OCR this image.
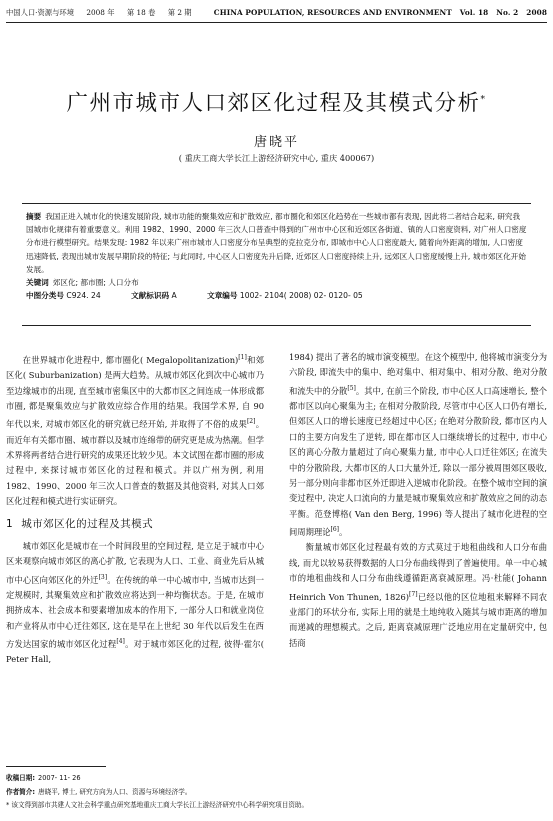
中国人口·资源与环境 2008 年 第 18 卷 第 2 期	CHINA POPULATION, RESOURCES AND ENVIRONMENT Vol. 18 No. 2 2008
广州市城市人口郊区化过程及其模式分析*
唐晓平
( 重庆工商大学长江上游经济研究中心, 重庆 400067)
摘要 我国正进入城市化的快速发展阶段, 城市功能的聚集效应和扩散效应, 都市圈化和郊区化趋势在一些城市都有表现, 因此将二者结合起来, 研究我国城市化规律有着重要意义。利用 1982、1990、2000 年三次人口普查中得到的广州市中心区和近郊区各街道、镇的人口密度资料, 对广州人口密度分布进行模型研究。结果发现: 1982 年以来广州市城市人口密度分布呈典型的克拉克分布, 即城市中心人口密度最大, 随着向外距离的增加, 人口密度迅速降低, 表现出城市发展早期阶段的特征; 与此同时, 中心区人口密度先升后降, 近郊区人口密度持续上升, 远郊区人口密度缓慢上升, 城市郊区化开始发展。
关键词 郊区化; 都市圈; 人口分布
中图分类号 C924. 24	文献标识码 A	文章编号 1002- 2104( 2008) 02- 0120- 05

在世界城市化进程中, 都市圈化( Megalopolitanization)[1]和郊区化( Suburbanization) 是两大趋势。从城市郊区化到次中心城市乃至边缘城市的出现, 直至城市密集区中的大都市区之间连成一体形成都市圈, 都是聚集效应与扩散效应综合作用的结果。我国学术界, 自 90 年代以来, 对城市郊区化的研究就已经开始, 并取得了不俗的成果[2]。而近年有关都市圈、城市群以及城市连绵带的研究更是成为热潮。但学术界将两者结合进行研究的成果还比较少见。本文试图在都市圈的形成过程中, 来探讨城市郊区化的过程和模式。并以广州为例, 利用 1982、1990、2000 年三次人口普查的数据及其他资料, 对其人口郊区化过程和模式进行实证研究。

1 城市郊区化的过程及其模式

城市郊区化是城市在一个时间段里的空间过程, 是立足于城市中心区来观察向城市郊区的离心扩散, 它表现为人口、工业、商业先后从城市中心区向郊区化的外迁[3]。在传统的单一中心城市中, 当城市达到一定规模时, 其聚集效应和扩散效应将达到一种均衡状态。于是, 在城市拥挤成本、社会成本和要素增加成本的作用下, 一部分人口和就业岗位和产业将从市中心迁往郊区, 这在是早在上世纪 30 年代以后发生在西方发达国家的城市郊区化过程[4]。对于城市郊区化的过程, 彼得·霍尔( Peter Hall,

1984) 提出了著名的城市演变模型。在这个模型中, 他将城市演变分为六阶段, 即流失中的集中、绝对集中、相对集中、相对分散、绝对分散和流失中的分散[5]。其中, 在前三个阶段, 市中心区人口高速增长, 整个都市区以向心聚集为主; 在相对分散阶段, 尽管市中心区人口仍有增长, 但郊区人口的增长速度已经超过中心区; 在绝对分散阶段, 都市区内人口的主要方向发生了逆转, 即在都市区人口继续增长的过程中, 市中心区的离心分散力量超过了向心聚集力量, 市中心人口迁往郊区; 在流失中的分散阶段, 大都市区的人口大量外迁, 除以一部分被周围郊区吸收, 另一部分则向非都市区外迁即进入逆城市化阶段。在整个城市空间的演变过程中, 决定人口流向的力量是城市聚集效应和扩散效应之间的动态平衡。范登博格( Van den Berg, 1996) 等人提出了城市化进程的空间周期理论[6]。

衡量城市郊区化过程最有效的方式莫过于地租曲线和人口分布曲线, 而尤以较易获得数据的人口分布曲线得到了普遍使用。单一中心城市的地租曲线和人口分布曲线遵循距离衰减原理。冯·杜能( Johann Heinrich Von Thunen, 1826)[7]已经以他的区位地租来解释不同农业部门的环状分布, 实际上用的就是土地纯收入随其与城市距离的增加而递减的理想模式。之后, 距离衰减原理广泛地应用在定量研究中, 包括商

收稿日期: 2007- 11- 26
作者简介: 唐晓平, 博士, 研究方向为人口、资源与环境经济学。
* 该文得到部市共建人文社会科学重点研究基地重庆工商大学长江上游经济研究中心科学研究项目资助。
